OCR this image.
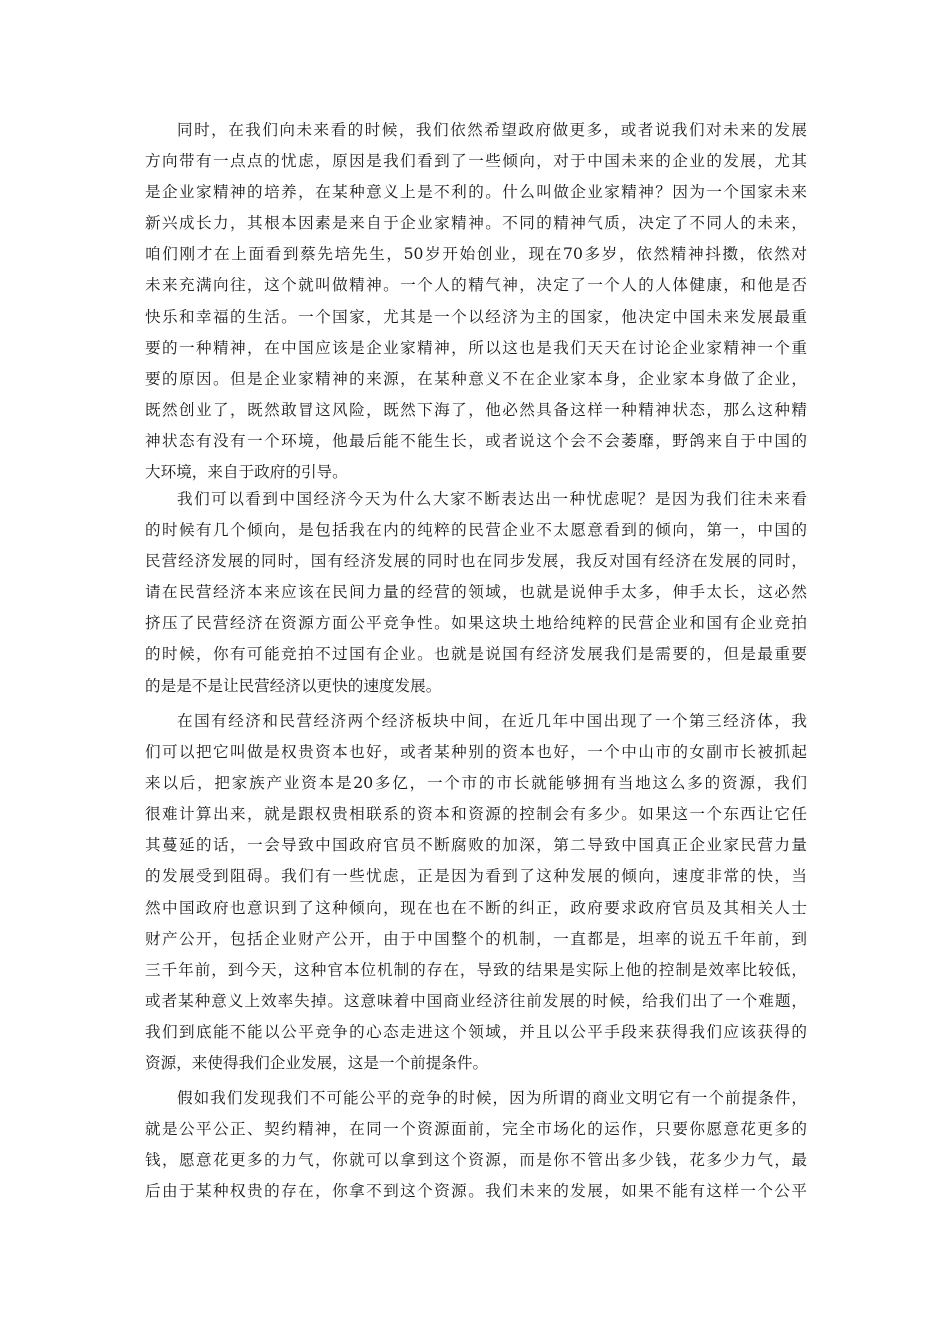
同时，在我们向未来看的时候，我们依然希望政府做更多，或者说我们对未来的发展
方向带有一点点的忧虑，原因是我们看到了一些倾向，对于中国未来的企业的发展，尤其
是企业家精神的培养，在某种意义上是不利的。什么叫做企业家精神？因为一个国家未来
新兴成长力，其根本因素是来自于企业家精神。不同的精神气质，决定了不同人的未来，
咱们刚才在上面看到蔡先培先生，50岁开始创业，现在70多岁，依然精神抖擞，依然对
未来充满向往，这个就叫做精神。一个人的精气神，决定了一个人的人体健康，和他是否
快乐和幸福的生活。一个国家，尤其是一个以经济为主的国家，他决定中国未来发展最重
要的一种精神，在中国应该是企业家精神，所以这也是我们天天在讨论企业家精神一个重
要的原因。但是企业家精神的来源，在某种意义不在企业家本身，企业家本身做了企业，
既然创业了，既然敢冒这风险，既然下海了，他必然具备这样一种精神状态，那么这种精
神状态有没有一个环境，他最后能不能生长，或者说这个会不会萎靡，野鸽来自于中国的
大环境，来自于政府的引导。
我们可以看到中国经济今天为什么大家不断表达出一种忧虑呢？是因为我们往未来看
的时候有几个倾向，是包括我在内的纯粹的民营企业不太愿意看到的倾向，第一，中国的
民营经济发展的同时，国有经济发展的同时也在同步发展，我反对国有经济在发展的同时，
请在民营经济本来应该在民间力量的经营的领域，也就是说伸手太多，伸手太长，这必然
挤压了民营经济在资源方面公平竞争性。如果这块土地给纯粹的民营企业和国有企业竞拍
的时候，你有可能竞拍不过国有企业。也就是说国有经济发展我们是需要的，但是最重要
的是是不是让民营经济以更快的速度发展。
在国有经济和民营经济两个经济板块中间，在近几年中国出现了一个第三经济体，我
们可以把它叫做是权贵资本也好，或者某种别的资本也好，一个中山市的女副市长被抓起
来以后，把家族产业资本是20多亿，一个市的市长就能够拥有当地这么多的资源，我们
很难计算出来，就是跟权贵相联系的资本和资源的控制会有多少。如果这一个东西让它任
其蔓延的话，一会导致中国政府官员不断腐败的加深，第二导致中国真正企业家民营力量
的发展受到阻碍。我们有一些忧虑，正是因为看到了这种发展的倾向，速度非常的快，当
然中国政府也意识到了这种倾向，现在也在不断的纠正，政府要求政府官员及其相关人士
财产公开，包括企业财产公开，由于中国整个的机制，一直都是，坦率的说五千年前，到
三千年前，到今天，这种官本位机制的存在，导致的结果是实际上他的控制是效率比较低，
或者某种意义上效率失掉。这意味着中国商业经济往前发展的时候，给我们出了一个难题，
我们到底能不能以公平竞争的心态走进这个领域，并且以公平手段来获得我们应该获得的
资源，来使得我们企业发展，这是一个前提条件。
假如我们发现我们不可能公平的竞争的时候，因为所谓的商业文明它有一个前提条件，
就是公平公正、契约精神，在同一个资源面前，完全市场化的运作，只要你愿意花更多的
钱，愿意花更多的力气，你就可以拿到这个资源，而是你不管出多少钱，花多少力气，最
后由于某种权贵的存在，你拿不到这个资源。我们未来的发展，如果不能有这样一个公平
